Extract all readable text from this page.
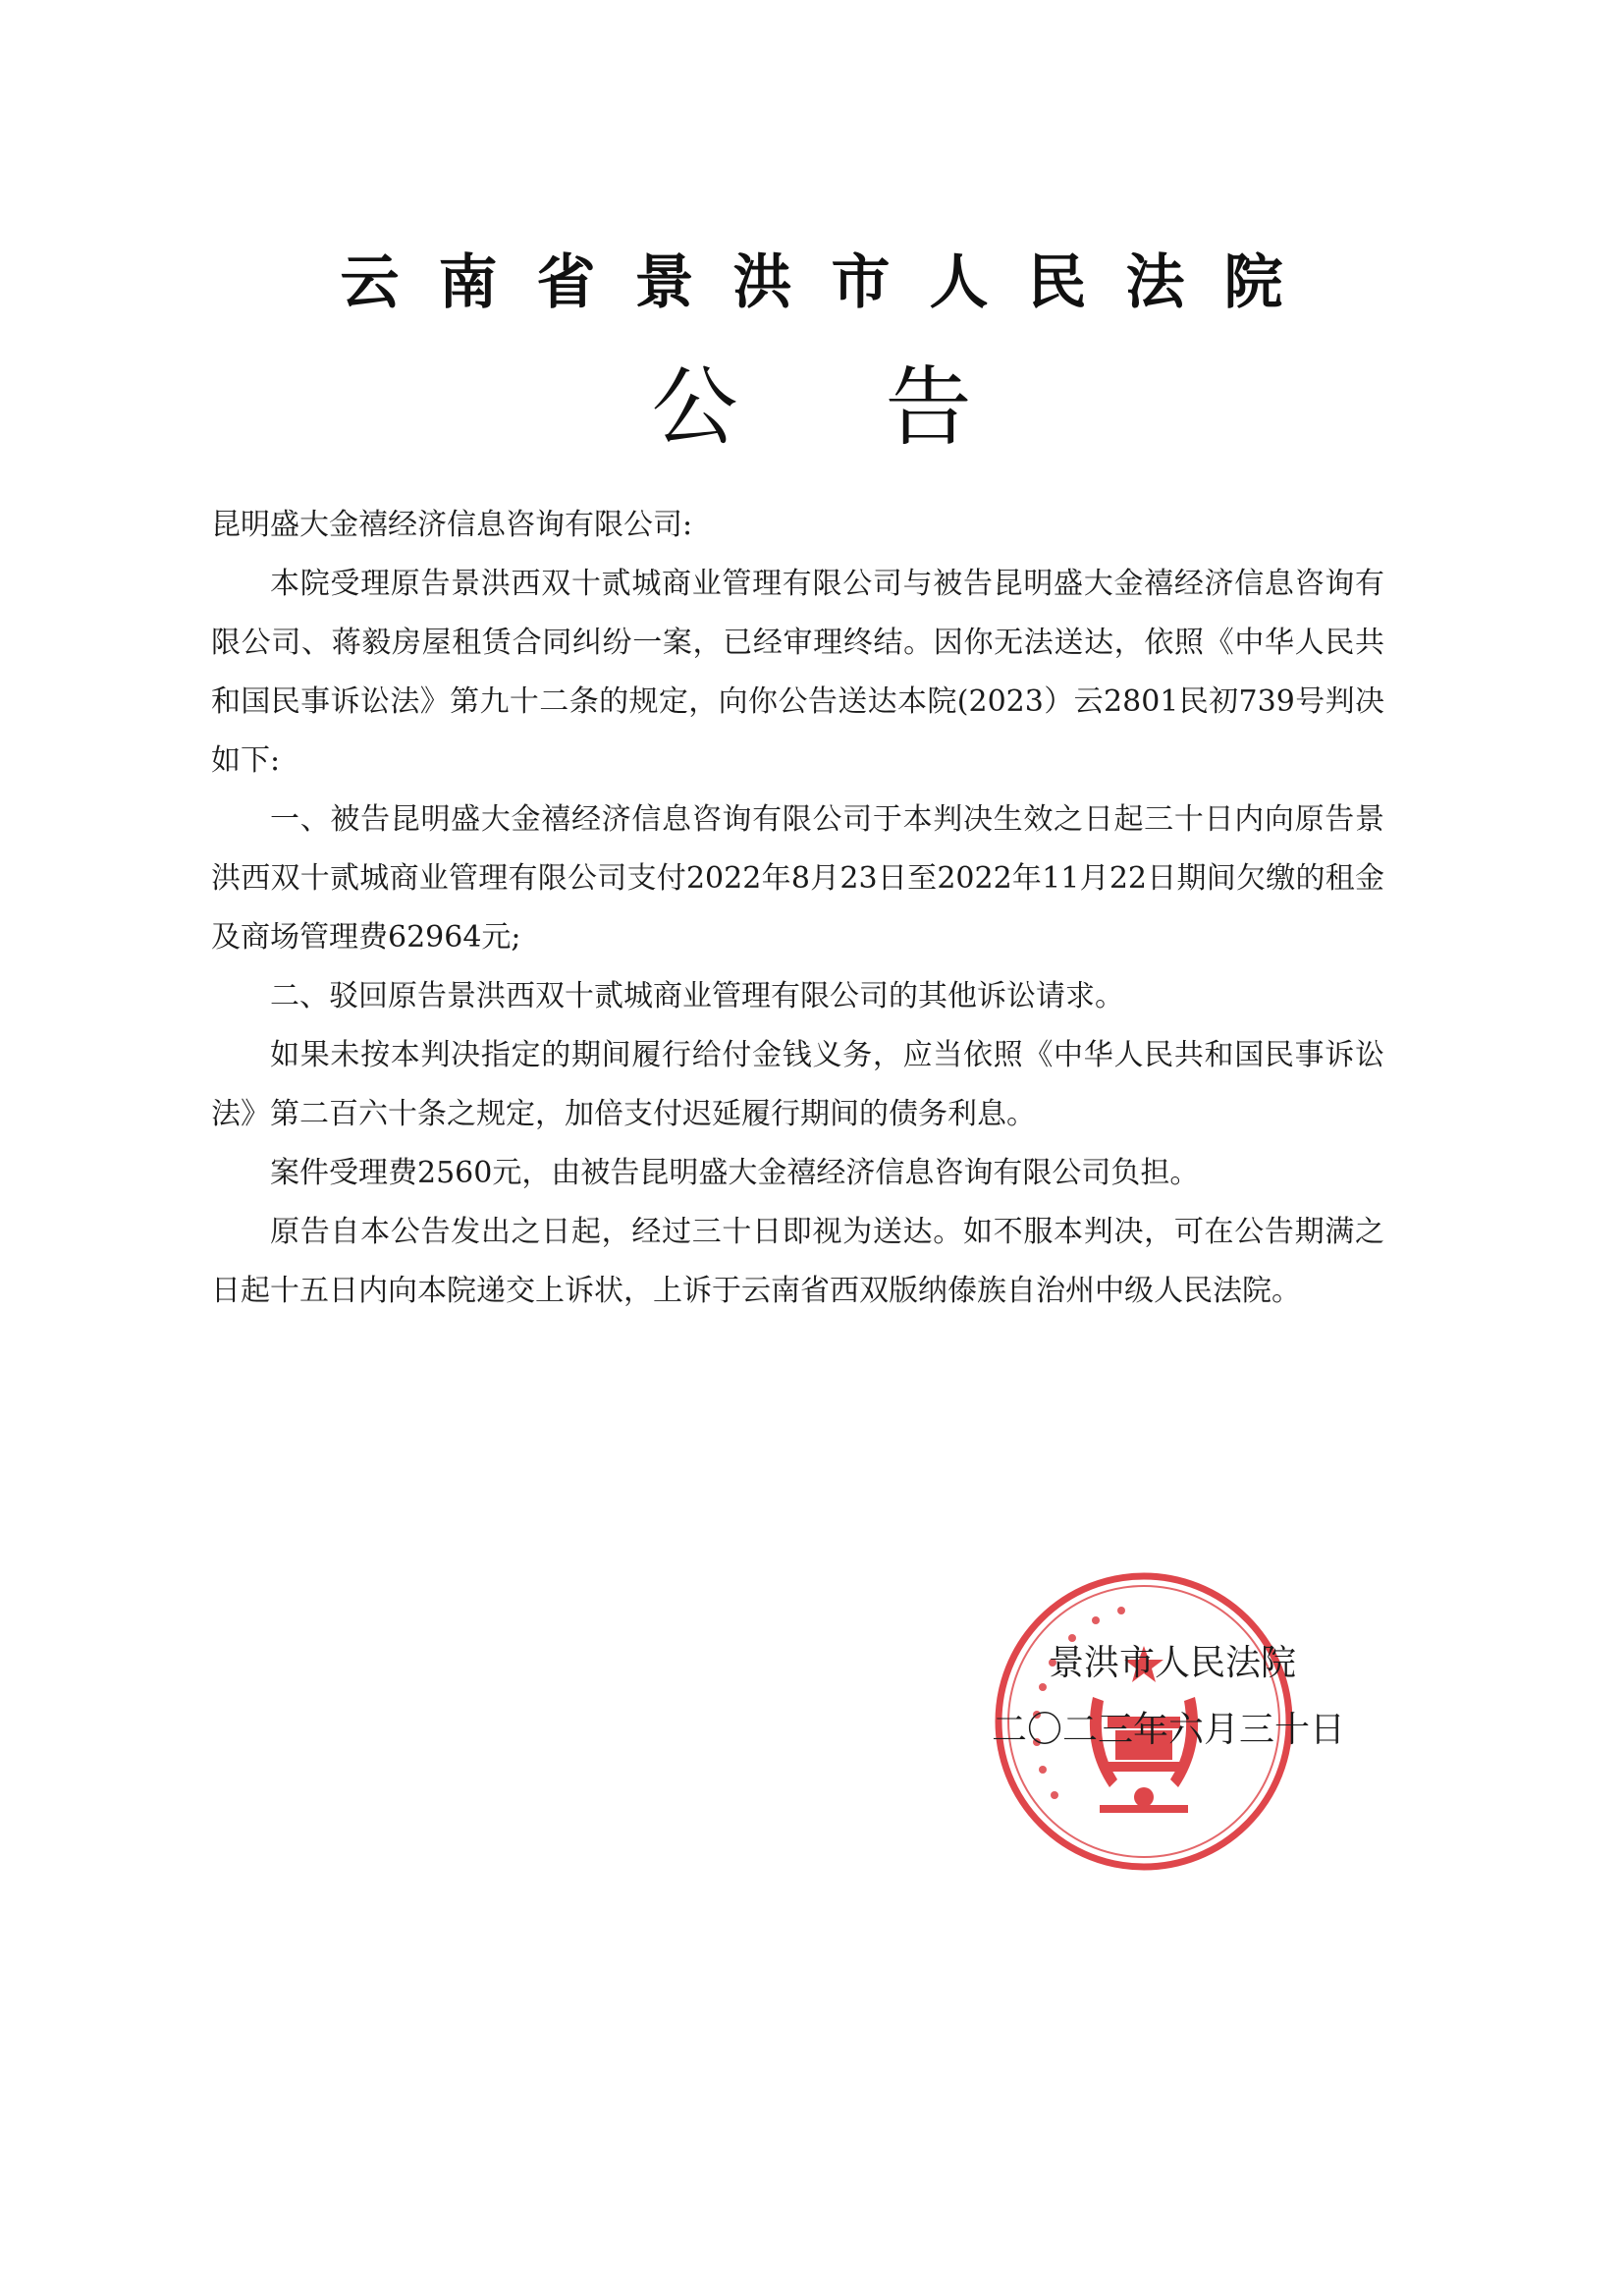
云南省景洪市人民法院
公告

昆明盛大金禧经济信息咨询有限公司:

本院受理原告景洪西双十贰城商业管理有限公司与被告昆明盛大金禧经济信息咨询有限公司、蒋毅房屋租赁合同纠纷一案，已经审理终结。因你无法送达，依照《中华人民共和国民事诉讼法》第九十二条的规定，向你公告送达本院(2023）云2801民初739号判决如下:

一、被告昆明盛大金禧经济信息咨询有限公司于本判决生效之日起三十日内向原告景洪西双十贰城商业管理有限公司支付2022年8月23日至2022年11月22日期间欠缴的租金及商场管理费62964元;

二、驳回原告景洪西双十贰城商业管理有限公司的其他诉讼请求。

如果未按本判决指定的期间履行给付金钱义务，应当依照《中华人民共和国民事诉讼法》第二百六十条之规定，加倍支付迟延履行期间的债务利息。

案件受理费2560元，由被告昆明盛大金禧经济信息咨询有限公司负担。

原告自本公告发出之日起，经过三十日即视为送达。如不服本判决，可在公告期满之日起十五日内向本院递交上诉状，上诉于云南省西双版纳傣族自治州中级人民法院。

景洪市人民法院
二〇二三年六月三十日
